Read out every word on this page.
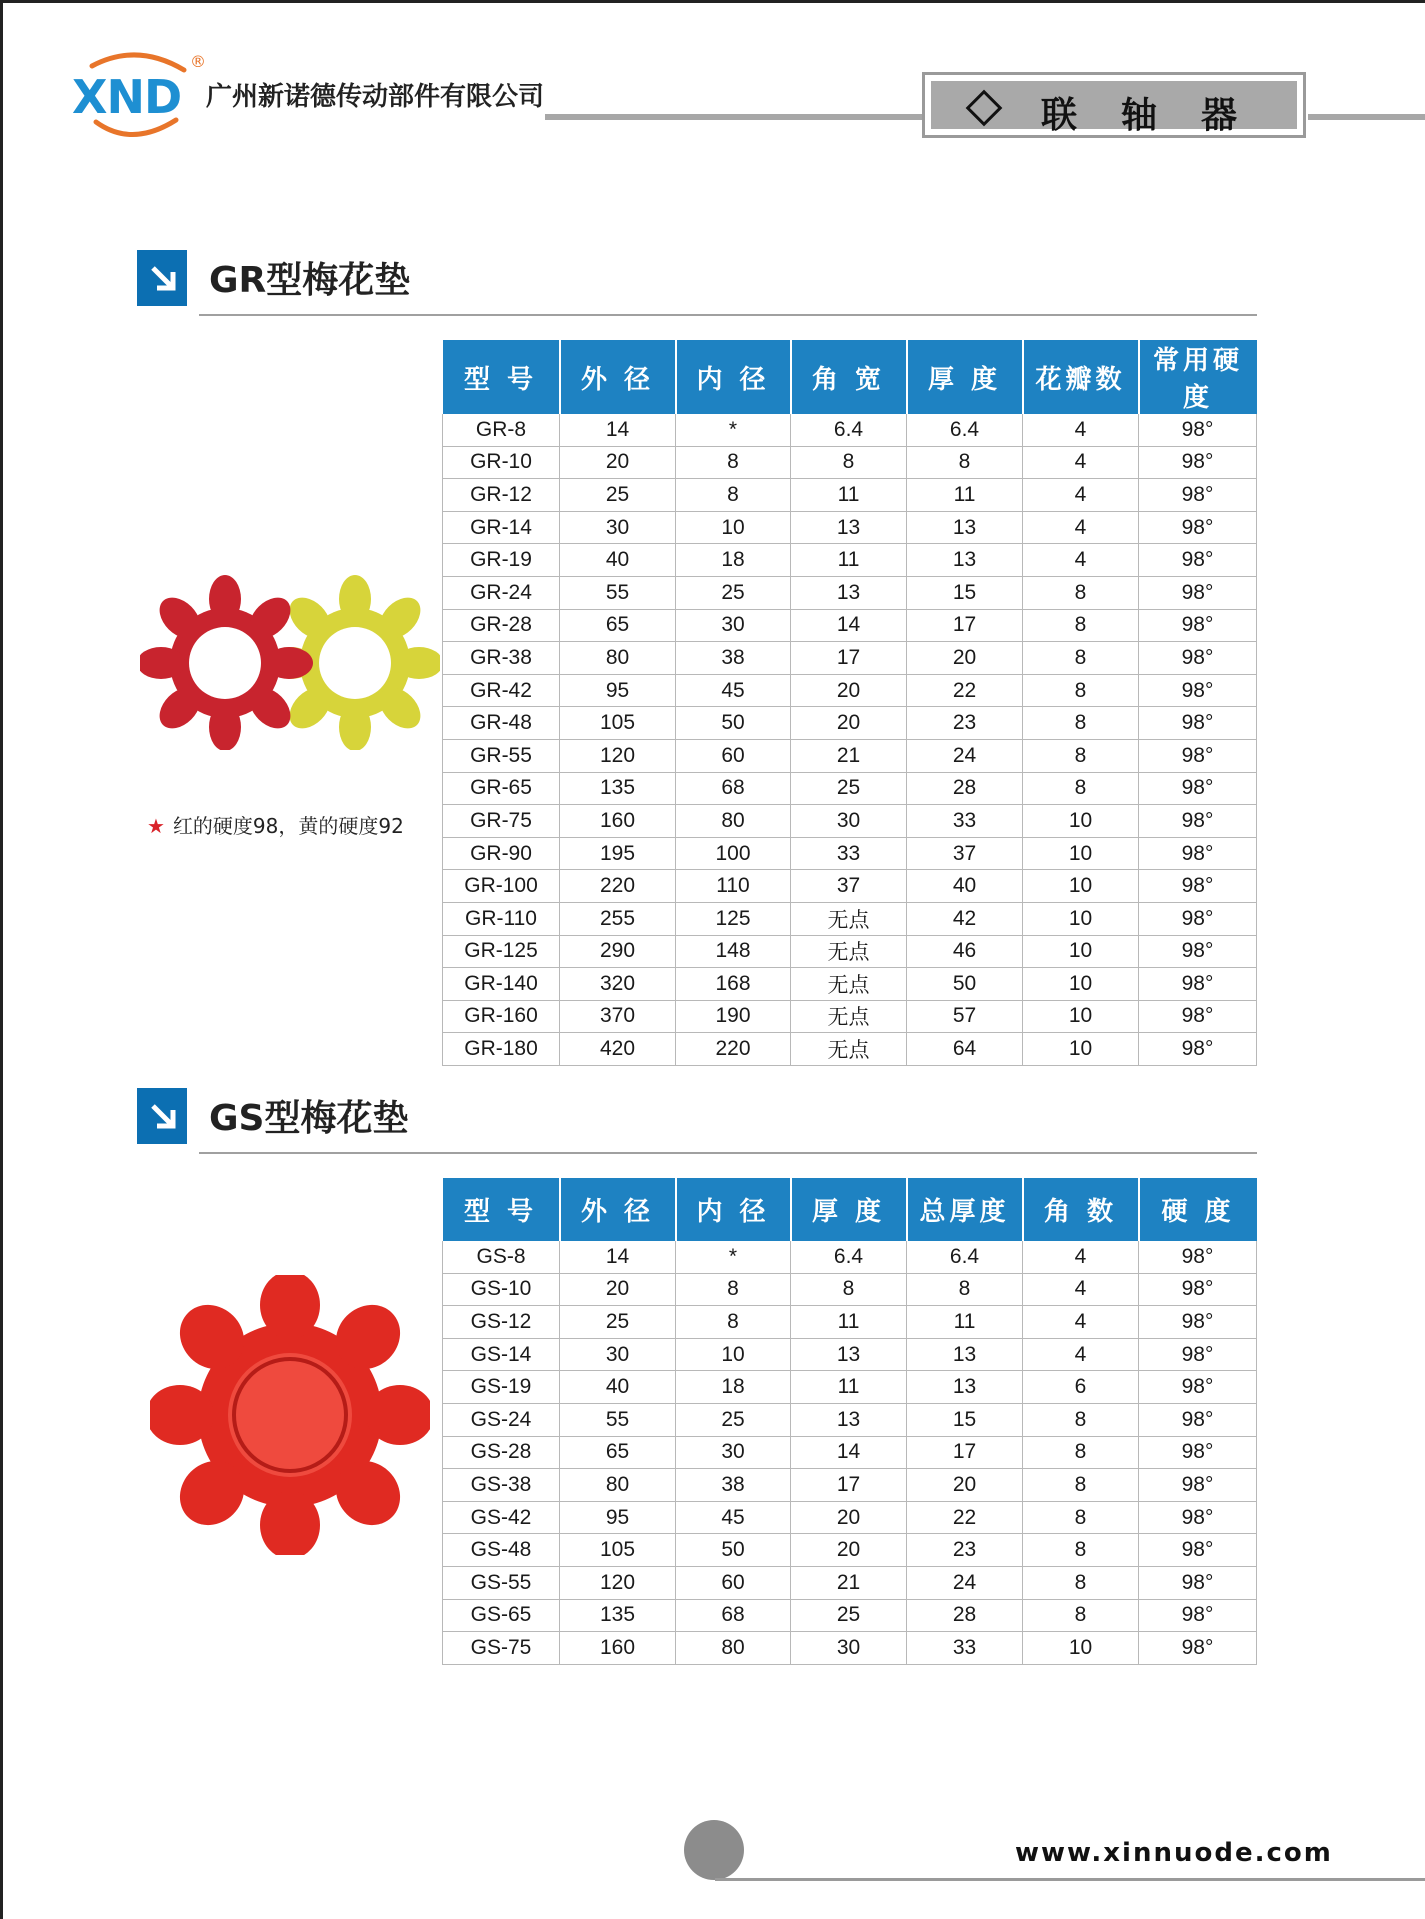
XND
®
广州新诺德传动部件有限公司	联轴器
GR型梅花垫
★ 红的硬度98，黄的硬度92
型 号	外 径	内 径	角 宽	厚 度	花瓣数	常用硬度
GR-8	14	*	6.4	6.4	4	98°
GR-10	20	8	8	8	4	98°
GR-12	25	8	11	11	4	98°
GR-14	30	10	13	13	4	98°
GR-19	40	18	11	13	4	98°
GR-24	55	25	13	15	8	98°
GR-28	65	30	14	17	8	98°
GR-38	80	38	17	20	8	98°
GR-42	95	45	20	22	8	98°
GR-48	105	50	20	23	8	98°
GR-55	120	60	21	24	8	98°
GR-65	135	68	25	28	8	98°
GR-75	160	80	30	33	10	98°
GR-90	195	100	33	37	10	98°
GR-100	220	110	37	40	10	98°
GR-110	255	125	无点	42	10	98°
GR-125	290	148	无点	46	10	98°
GR-140	320	168	无点	50	10	98°
GR-160	370	190	无点	57	10	98°
GR-180	420	220	无点	64	10	98°
GS型梅花垫
型 号	外 径	内 径	厚 度	总厚度	角 数	硬 度
GS-8	14	*	6.4	6.4	4	98°
GS-10	20	8	8	8	4	98°
GS-12	25	8	11	11	4	98°
GS-14	30	10	13	13	4	98°
GS-19	40	18	11	13	6	98°
GS-24	55	25	13	15	8	98°
GS-28	65	30	14	17	8	98°
GS-38	80	38	17	20	8	98°
GS-42	95	45	20	22	8	98°
GS-48	105	50	20	23	8	98°
GS-55	120	60	21	24	8	98°
GS-65	135	68	25	28	8	98°
GS-75	160	80	30	33	10	98°
www.xinnuode.com
